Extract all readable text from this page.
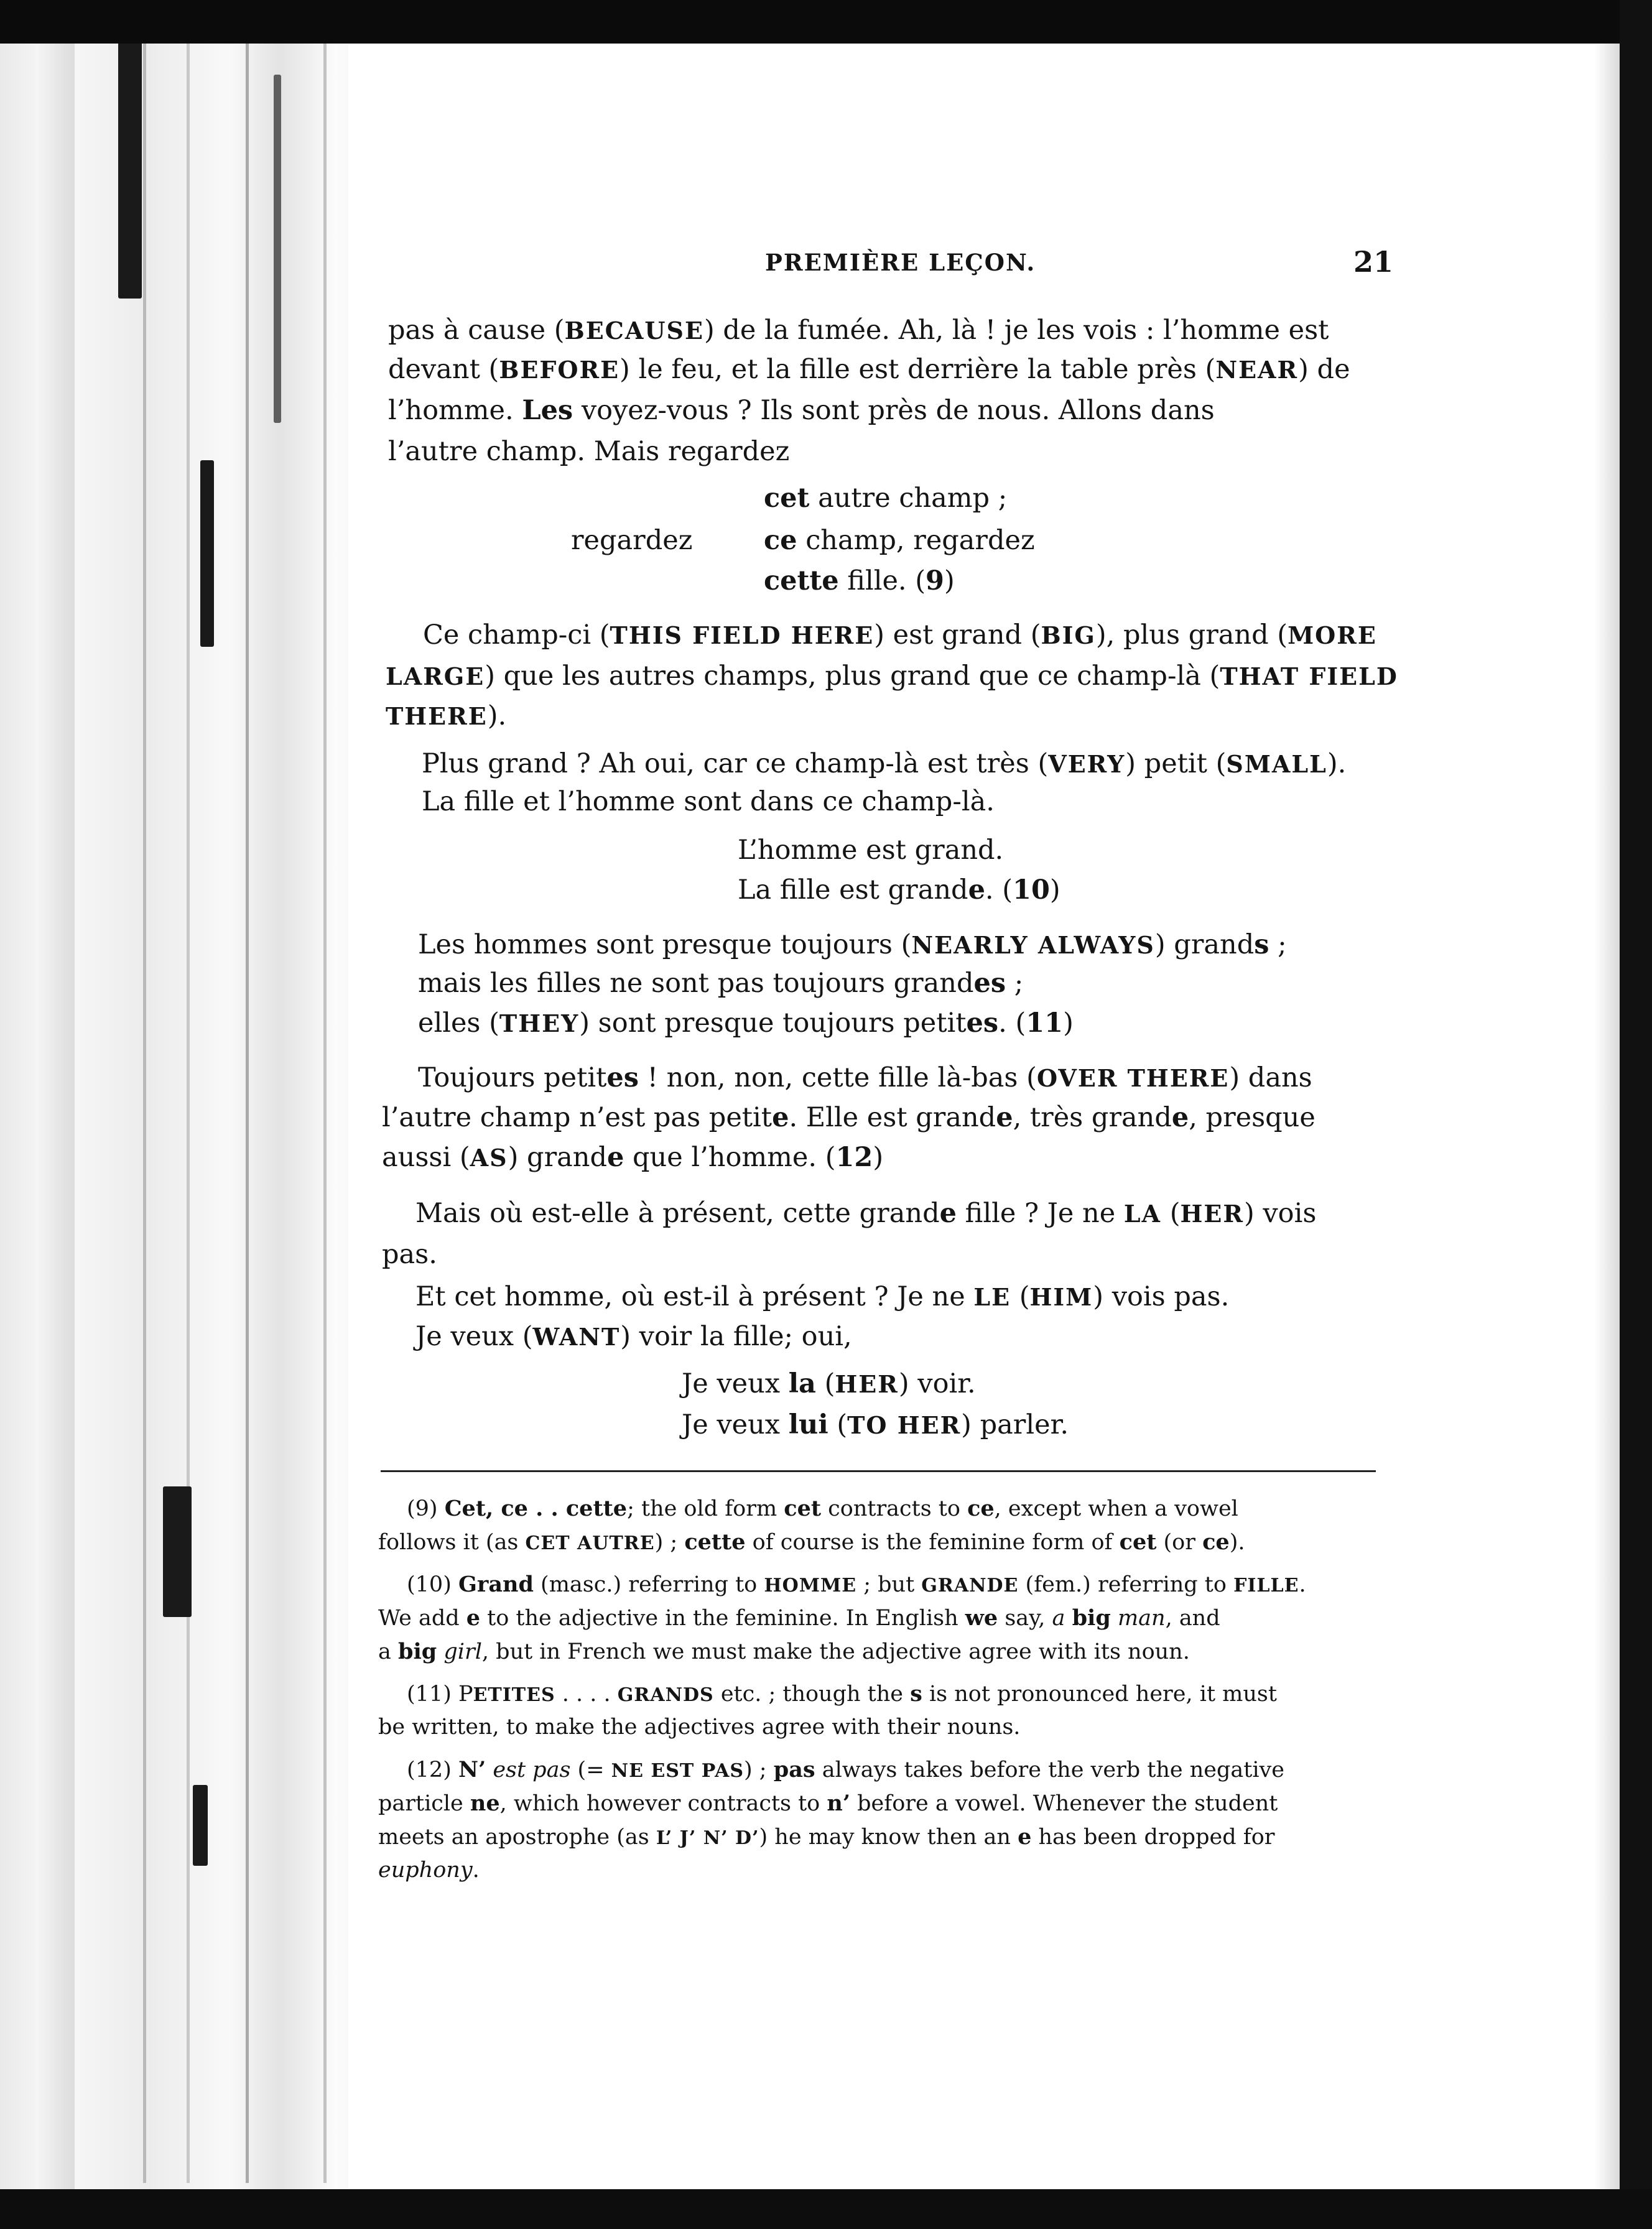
PREMIÈRE LEÇON.	21
pas à cause (BECAUSE) de la fumée. Ah, là ! je les vois : l’homme est
devant (BEFORE) le feu, et la fille est derrière la table près (NEAR) de
l’homme. Les voyez-vous ? Ils sont près de nous. Allons dans
l’autre champ. Mais regardez
cet autre champ ;
regardez	ce champ, regardez
cette fille. (9)
Ce champ-ci (THIS FIELD HERE) est grand (BIG), plus grand (MORE
LARGE) que les autres champs, plus grand que ce champ-là (THAT FIELD
THERE).
Plus grand ? Ah oui, car ce champ-là est très (VERY) petit (SMALL).
La fille et l’homme sont dans ce champ-là.
L’homme est grand.
La fille est grande. (10)
Les hommes sont presque toujours (NEARLY ALWAYS) grands ;
mais les filles ne sont pas toujours grandes ;
elles (THEY) sont presque toujours petites. (11)
Toujours petites ! non, non, cette fille là-bas (OVER THERE) dans
l’autre champ n’est pas petite. Elle est grande, très grande, presque
aussi (AS) grande que l’homme. (12)
Mais où est-elle à présent, cette grande fille ? Je ne LA (HER) vois
pas.
Et cet homme, où est-il à présent ? Je ne LE (HIM) vois pas.
Je veux (WANT) voir la fille; oui,
Je veux la (HER) voir.
Je veux lui (TO HER) parler.
(9) Cet, ce . . cette; the old form cet contracts to ce, except when a vowel
follows it (as CET AUTRE) ; cette of course is the feminine form of cet (or ce).
(10) Grand (masc.) referring to HOMME ; but GRANDE (fem.) referring to FILLE.
We add e to the adjective in the feminine. In English we say, a big man, and
a big girl, but in French we must make the adjective agree with its noun.
(11) PETITES . . . . GRANDS etc. ; though the s is not pronounced here, it must
be written, to make the adjectives agree with their nouns.
(12) N’ est pas (= NE EST PAS) ; pas always takes before the verb the negative
particle ne, which however contracts to n’ before a vowel. Whenever the student
meets an apostrophe (as L’ J’ N’ D’) he may know then an e has been dropped for
euphony.
